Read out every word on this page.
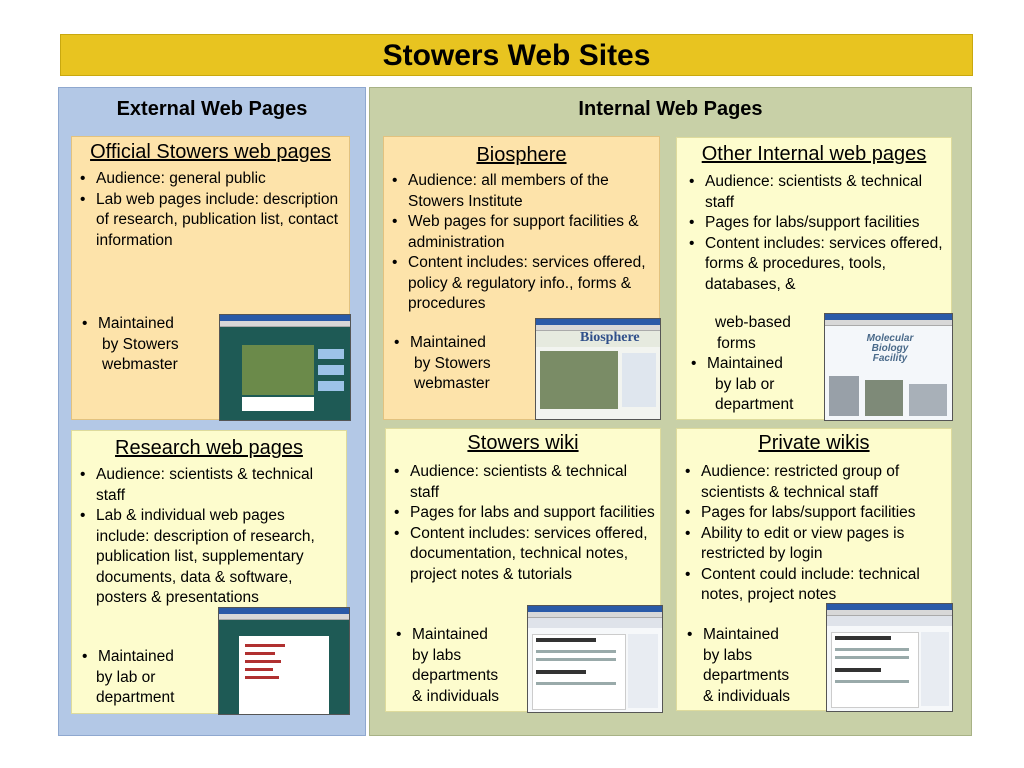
Stowers Web Sites
External Web Pages
Official Stowers web pages
• Audience: general public
• Lab web pages include: description of research, publication list, contact information
• Maintained
by Stowers
webmaster
Research web pages
• Audience: scientists & technical staff
• Lab & individual web pages include: description of research, publication list, supplementary documents, data & software, posters & presentations
• Maintained
by lab or
department
Internal Web Pages
Biosphere
• Audience: all members of the Stowers Institute
• Web pages for support facilities & administration
• Content includes: services offered, policy & regulatory info., forms & procedures
• Maintained
by Stowers
webmaster
Biosphere
Other Internal web pages
• Audience: scientists & technical staff
• Pages for labs/support facilities
• Content includes: services offered, forms & procedures, tools, databases, &
web-based
forms
• Maintained
by lab or
department
Molecular Biology Facility
Stowers wiki
• Audience: scientists & technical staff
• Pages for labs and support facilities
• Content includes: services offered, documentation, technical notes, project notes & tutorials
• Maintained
by labs
departments
& individuals
Private wikis
• Audience: restricted group of scientists & technical staff
• Pages for labs/support facilities
• Ability to edit or view pages is restricted by login
• Content could include: technical notes, project notes
• Maintained
by labs
departments
& individuals
